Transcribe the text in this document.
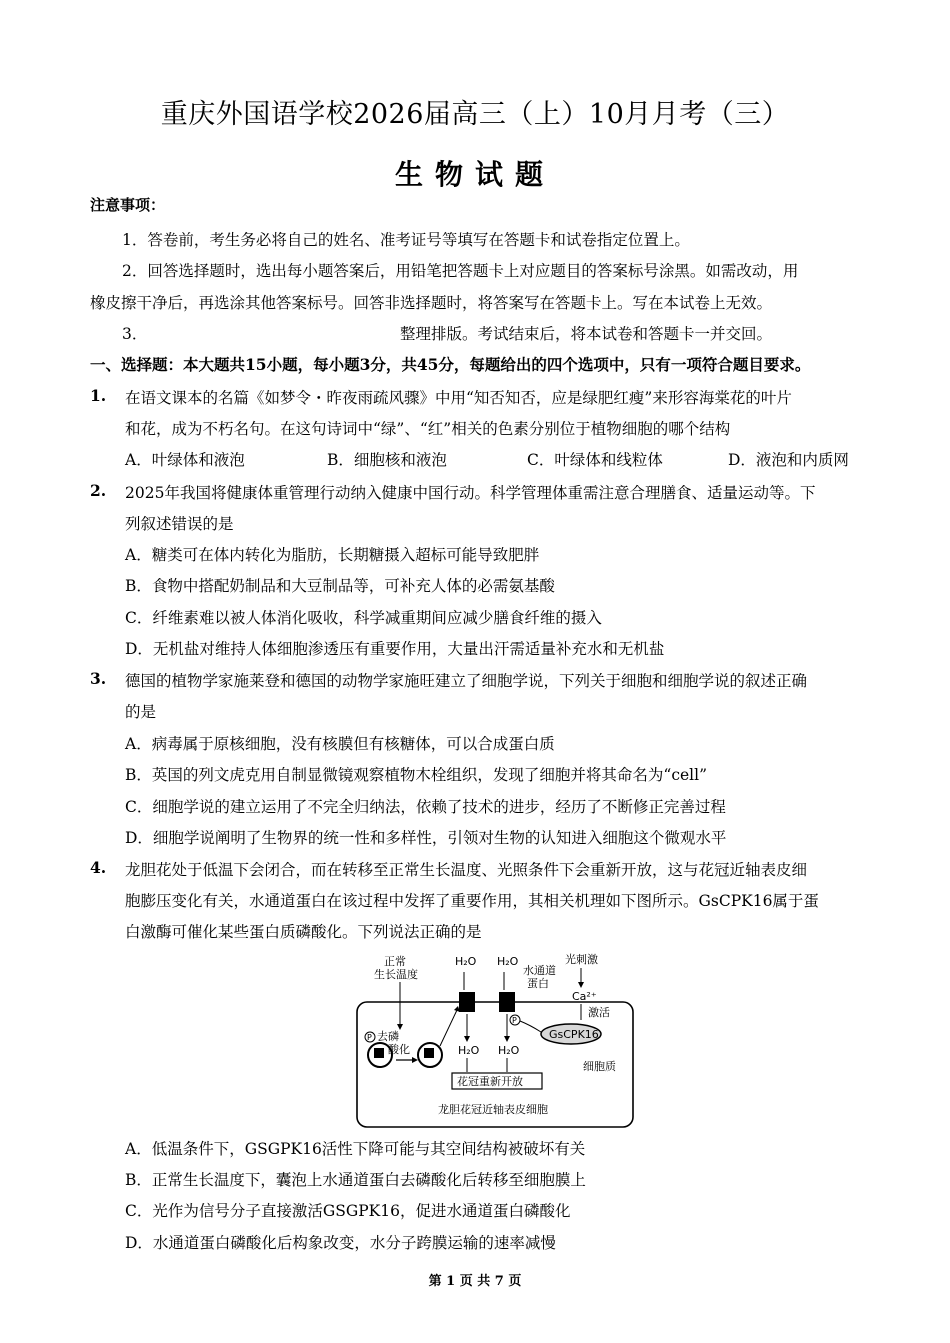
重庆外国语学校2026届高三（上）10月月考（三）
生物试题
注意事项：
1．答卷前，考生务必将自己的姓名、准考证号等填写在答题卡和试卷指定位置上。
2．回答选择题时，选出每小题答案后，用铅笔把答题卡上对应题目的答案标号涂黑。如需改动，用
橡皮擦干净后，再选涂其他答案标号。回答非选择题时，将答案写在答题卡上。写在本试卷上无效。
3．	整理排版。考试结束后，将本试卷和答题卡一并交回。
一、选择题：本大题共15小题，每小题3分，共45分，每题给出的四个选项中，只有一项符合题目要求。
1. 在语文课本的名篇《如梦令・昨夜雨疏风骤》中用“知否知否，应是绿肥红瘦”来形容海棠花的叶片
和花，成为不朽名句。在这句诗词中“绿”、“红”相关的色素分别位于植物细胞的哪个结构
A．叶绿体和液泡	B．细胞核和液泡	C．叶绿体和线粒体	D．液泡和内质网
2. 2025年我国将健康体重管理行动纳入健康中国行动。科学管理体重需注意合理膳食、适量运动等。下
列叙述错误的是
A．糖类可在体内转化为脂肪，长期糖摄入超标可能导致肥胖
B．食物中搭配奶制品和大豆制品等，可补充人体的必需氨基酸
C．纤维素难以被人体消化吸收，科学减重期间应减少膳食纤维的摄入
D．无机盐对维持人体细胞渗透压有重要作用，大量出汗需适量补充水和无机盐
3. 德国的植物学家施莱登和德国的动物学家施旺建立了细胞学说，下列关于细胞和细胞学说的叙述正确
的是
A．病毒属于原核细胞，没有核膜但有核糖体，可以合成蛋白质
B．英国的列文虎克用自制显微镜观察植物木栓组织，发现了细胞并将其命名为“cell”
C．细胞学说的建立运用了不完全归纳法，依赖了技术的进步，经历了不断修正完善过程
D．细胞学说阐明了生物界的统一性和多样性，引领对生物的认知进入细胞这个微观水平
4. 龙胆花处于低温下会闭合，而在转移至正常生长温度、光照条件下会重新开放，这与花冠近轴表皮细
胞膨压变化有关，水通道蛋白在该过程中发挥了重要作用，其相关机理如下图所示。GsCPK16属于蛋
白激酶可催化某些蛋白质磷酸化。下列说法正确的是
正常
生长温度
H₂O H₂O
水通道
蛋白
光刺激
Ca²⁺
激活
H₂O H₂O
P 去磷
酸化
P
GsCPK16
细胞质
花冠重新开放
龙胆花冠近轴表皮细胞
A．低温条件下，GSGPK16活性下降可能与其空间结构被破坏有关
B．正常生长温度下，囊泡上水通道蛋白去磷酸化后转移至细胞膜上
C．光作为信号分子直接激活GSGPK16，促进水通道蛋白磷酸化
D．水通道蛋白磷酸化后构象改变，水分子跨膜运输的速率减慢
第 1 页 共 7 页
